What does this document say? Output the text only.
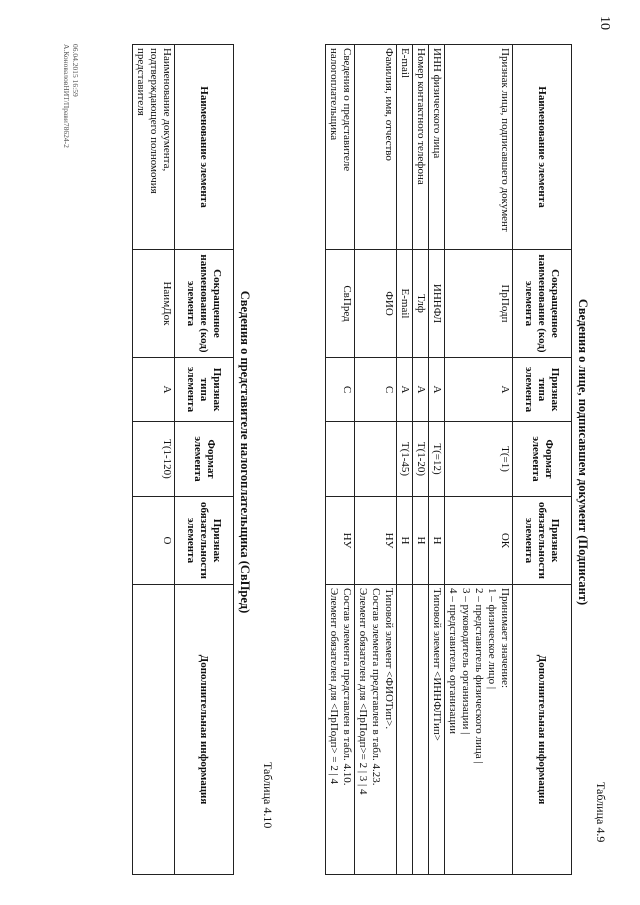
10
Таблица 4.9
Сведения о лице, подписавшем документ (Подписант)
Наименование элемента	Сокращенное наименование (код) элемента	Признак типа элемента	Формат элемента	Признак обязательности элемента	Дополнительная информация
Признак лица, подписавшего документ	ПрПодп	А	T(=1)	ОК	Принимает значение:
1 – физическое лицо |
2 – представитель физического лица |
3 – руководитель организации |
4 – представитель организации

ИНН физического лица	ИННФЛ	А	T(=12)	Н	Типовой элемент <ИННФЛТип>

Номер контактного телефона	Тлф	А	T(1-20)	Н	
E-mail	E-mail	А	T(1-45)	Н	
Фамилия, имя, отчество	ФИО	С		НУ	Типовой элемент <ФИОТип>.
Состав элемента представлен в табл. 4.23.
Элемент обязателен для <ПрПодп>= 2 | 3 | 4

Сведения о представителе налогоплательщика	СвПред	С		НУ	Состав элемента представлен в табл. 4.10.
Элемент обязателен для <ПрПодп> = 2 | 4
Таблица 4.10
Сведения о представителе налогоплательщика (СвПред)
Наименование элемента	Сокращенное наименование (код) элемента	Признак типа элемента	Формат элемента	Признак обязательности элемента	Дополнительная информация
Наименование документа, подтверждающего полномочия представителя	НаимДок	А	T(1-120)	О	
06.04.2015 16:59
А.КоноваловНИТ/Прави78624-2
